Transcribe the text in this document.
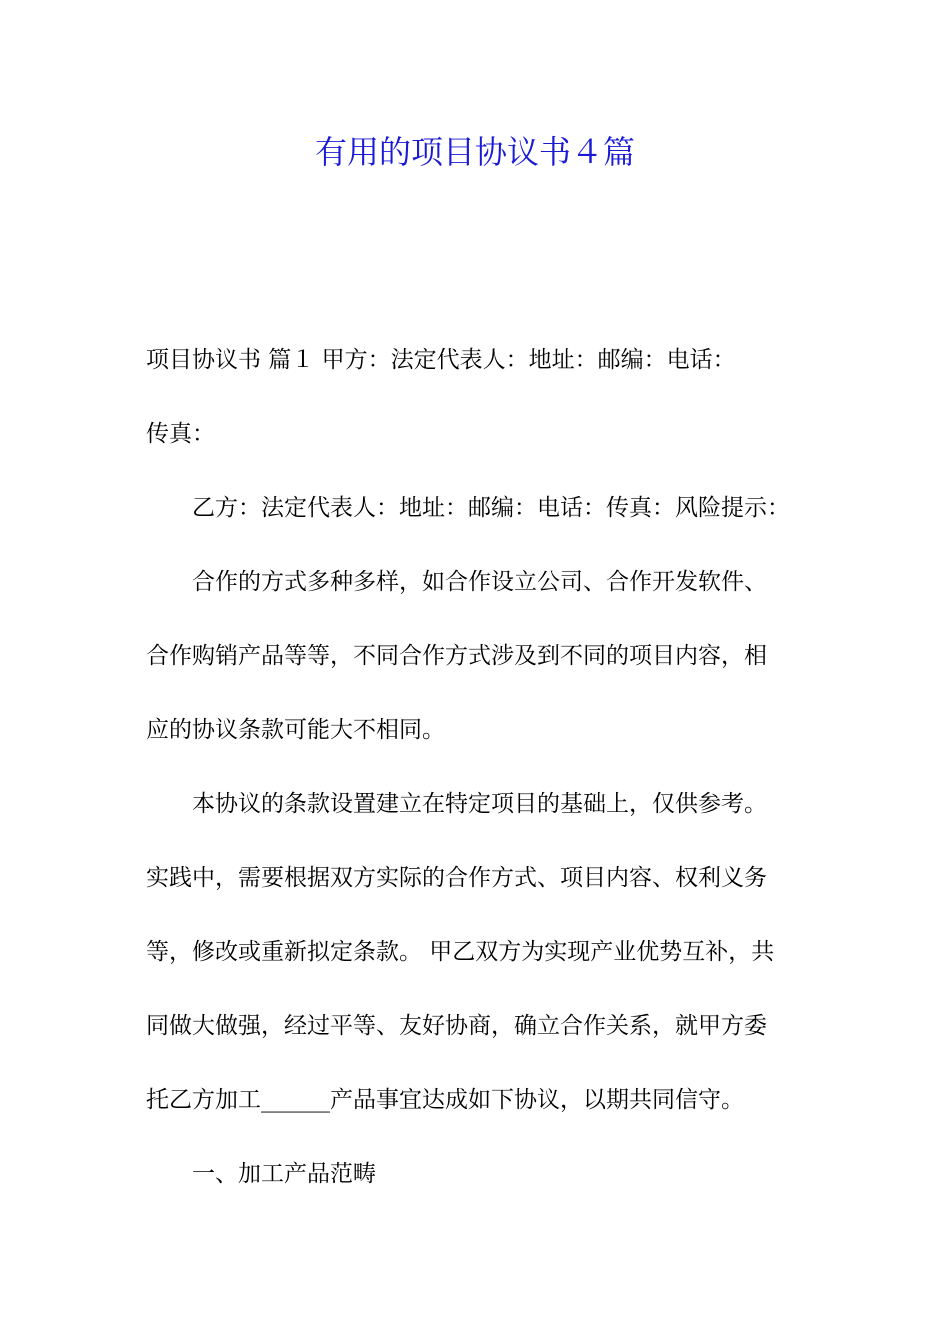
有用的项目协议书４篇
项目协议书 篇１ 甲方：法定代表人：地址：邮编：电话：
传真：
乙方：法定代表人：地址：邮编：电话：传真：风险提示：
合作的方式多种多样，如合作设立公司、合作开发软件、
合作购销产品等等，不同合作方式涉及到不同的项目内容，相
应的协议条款可能大不相同。
本协议的条款设置建立在特定项目的基础上，仅供参考。
实践中，需要根据双方实际的合作方式、项目内容、权利义务
等，修改或重新拟定条款。 甲乙双方为实现产业优势互补，共
同做大做强，经过平等、友好协商，确立合作关系，就甲方委
托乙方加工______产品事宜达成如下协议，以期共同信守。
一、加工产品范畴
